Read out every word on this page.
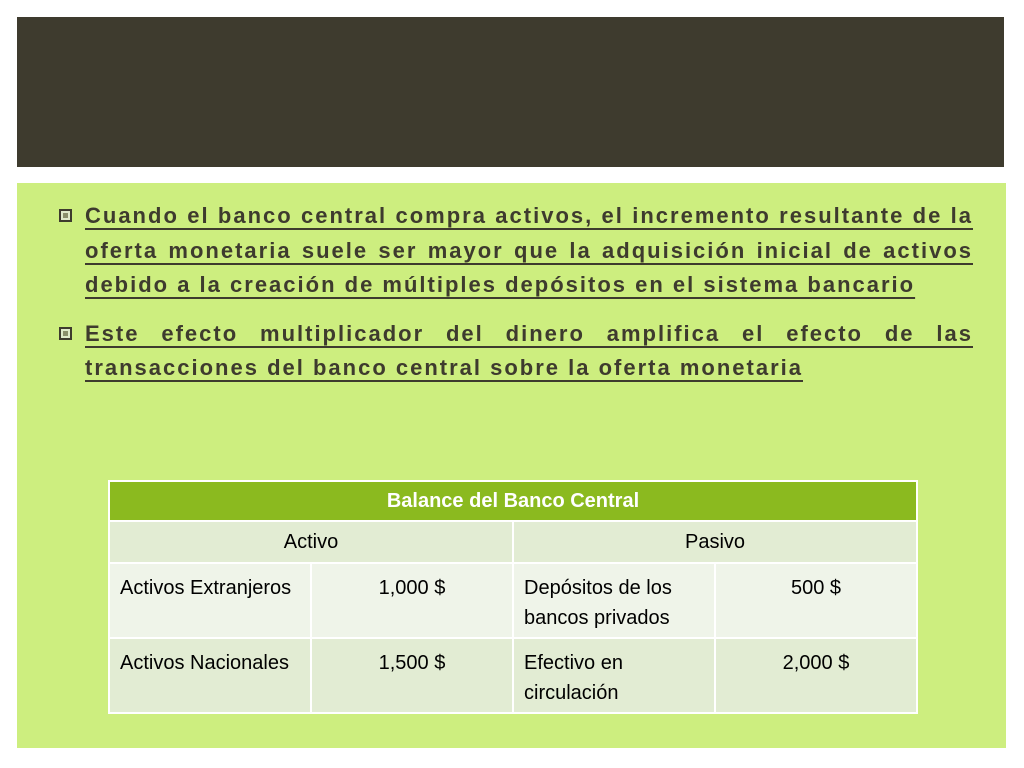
Cuando el banco central compra activos, el incremento resultante de la oferta monetaria suele ser mayor que la adquisición inicial de activos debido a la creación de múltiples depósitos en el sistema bancario
Este efecto multiplicador del dinero amplifica el efecto de las transacciones del banco central sobre la oferta monetaria
Balance del Banco Central			
Activo		Pasivo	
Activos Extranjeros	1,000 $	Depósitos de los bancos privados	500 $
Activos Nacionales	1,500 $	Efectivo en circulación	2,000 $
